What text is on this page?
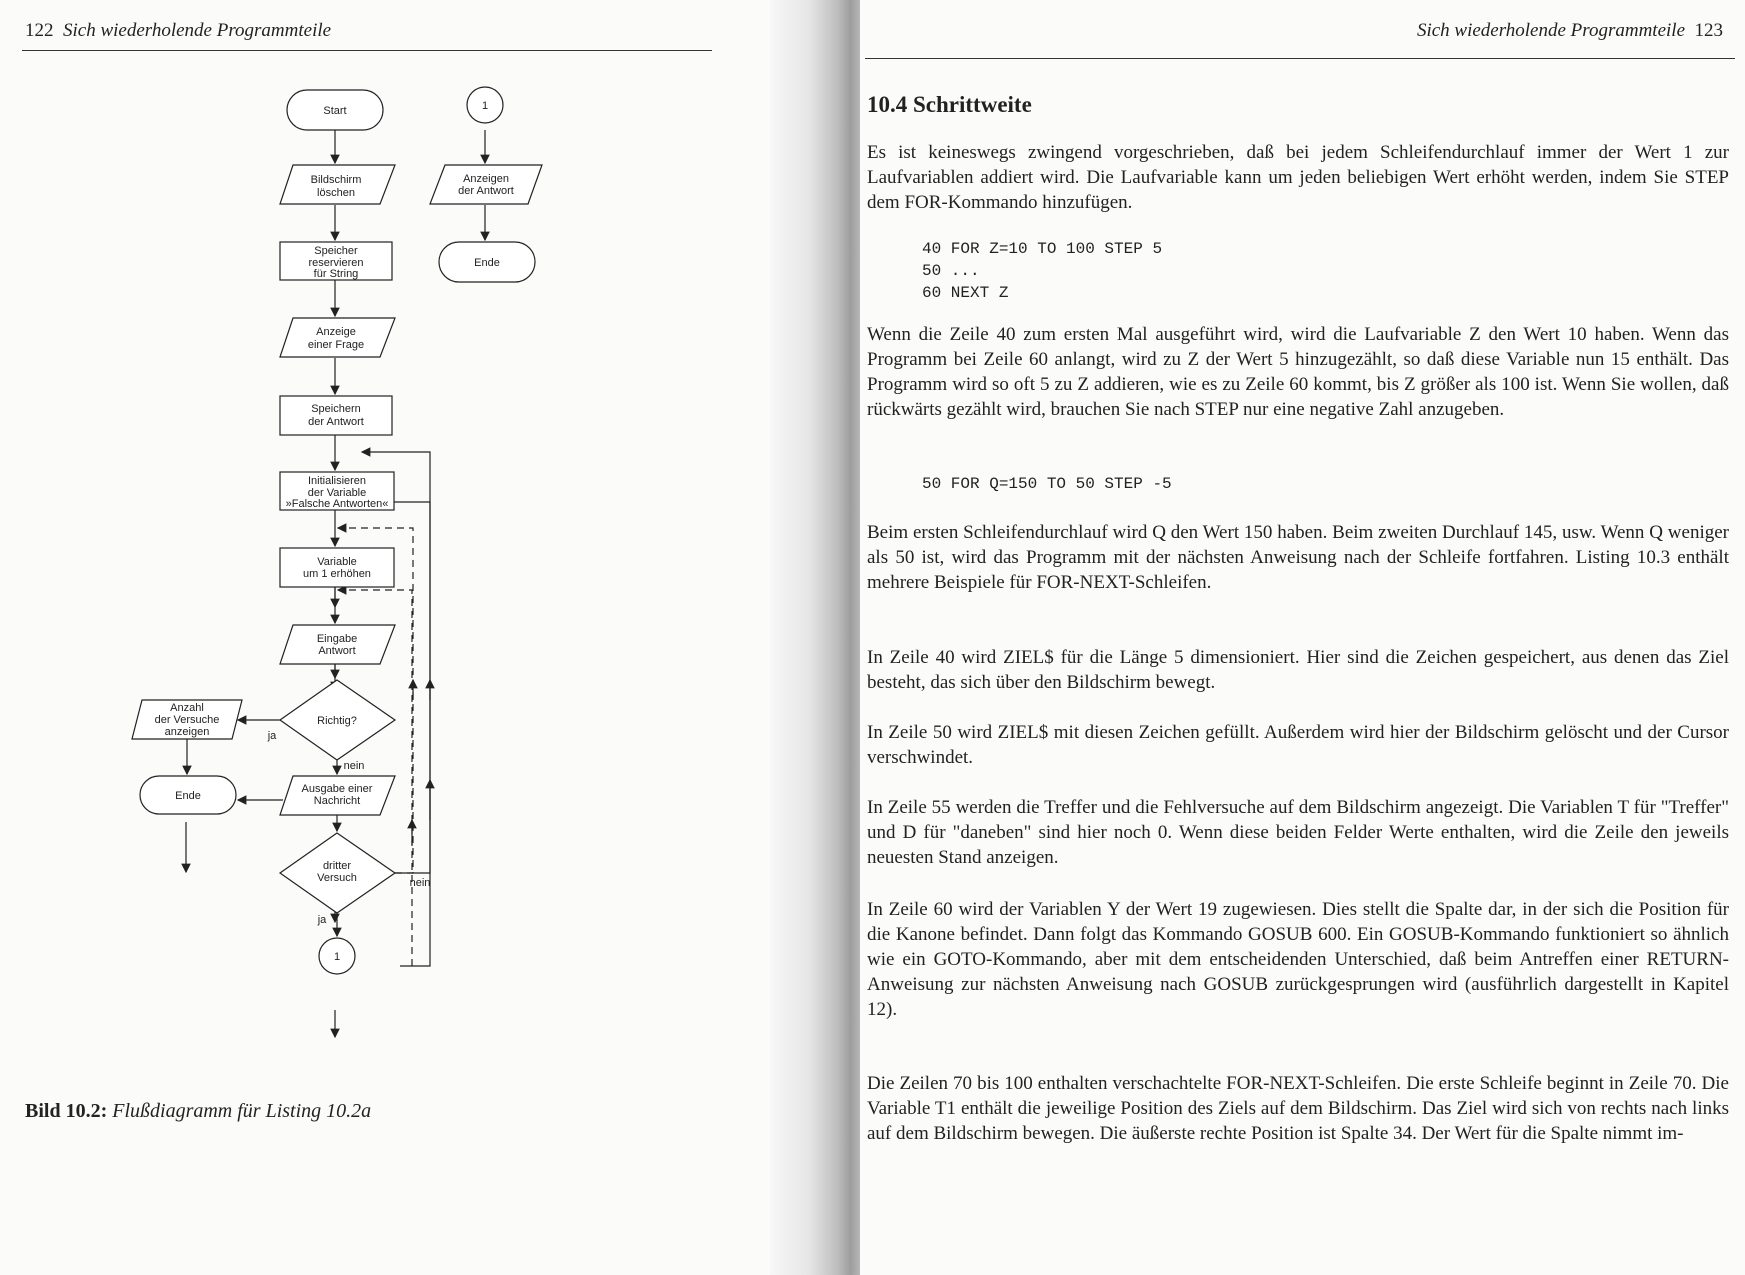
122 Sich wiederholende Programmteile
Start
Bildschirm
löschen
Speicher
reservieren
für String
Anzeige
einer Frage
Speichern
der Antwort
Initialisieren
der Variable
»Falsche Antworten«
Variable
um 1 erhöhen
Eingabe
Antwort
Richtig?
ja
nein
Anzahl
der Versuche
anzeigen
Ende
Ausgabe einer
Nachricht
dritter
Versuch	nein
ja
1
1
Anzeigen
der Antwort
Ende
Bild 10.2: Flußdiagramm für Listing 10.2a
Sich wiederholende Programmteile 123
10.4 Schrittweite

Es ist keineswegs zwingend vorgeschrieben, daß bei jedem Schleifendurchlauf immer der Wert 1 zur Laufvariablen addiert wird. Die Laufvariable kann um jeden beliebigen Wert erhöht werden, indem Sie STEP dem FOR-Kommando hinzufügen.

40 FOR Z=10 TO 100 STEP 5
50 ...
60 NEXT Z

Wenn die Zeile 40 zum ersten Mal ausgeführt wird, wird die Laufvariable Z den Wert 10 haben. Wenn das Programm bei Zeile 60 anlangt, wird zu Z der Wert 5 hinzugezählt, so daß diese Variable nun 15 enthält. Das Programm wird so oft 5 zu Z addieren, wie es zu Zeile 60 kommt, bis Z größer als 100 ist. Wenn Sie wollen, daß rückwärts gezählt wird, brauchen Sie nach STEP nur eine negative Zahl anzugeben.

50 FOR Q=150 TO 50 STEP -5

Beim ersten Schleifendurchlauf wird Q den Wert 150 haben. Beim zweiten Durchlauf 145, usw. Wenn Q weniger als 50 ist, wird das Programm mit der nächsten Anweisung nach der Schleife fortfahren. Listing 10.3 enthält mehrere Beispiele für FOR-NEXT-Schleifen.

In Zeile 40 wird ZIEL$ für die Länge 5 dimensioniert. Hier sind die Zeichen gespeichert, aus denen das Ziel besteht, das sich über den Bildschirm bewegt.

In Zeile 50 wird ZIEL$ mit diesen Zeichen gefüllt. Außerdem wird hier der Bildschirm gelöscht und der Cursor verschwindet.

In Zeile 55 werden die Treffer und die Fehlversuche auf dem Bildschirm angezeigt. Die Variablen T für "Treffer" und D für "daneben" sind hier noch 0. Wenn diese beiden Felder Werte enthalten, wird die Zeile den jeweils neuesten Stand anzeigen.

In Zeile 60 wird der Variablen Y der Wert 19 zugewiesen. Dies stellt die Spalte dar, in der sich die Position für die Kanone befindet. Dann folgt das Kommando GOSUB 600. Ein GOSUB-Kommando funktioniert so ähnlich wie ein GOTO-Kommando, aber mit dem entscheidenden Unterschied, daß beim Antreffen einer RETURN-Anweisung zur nächsten Anweisung nach GOSUB zurückgesprungen wird (ausführlich dargestellt in Kapitel 12).

Die Zeilen 70 bis 100 enthalten verschachtelte FOR-NEXT-Schleifen. Die erste Schleife beginnt in Zeile 70. Die Variable T1 enthält die jeweilige Position des Ziels auf dem Bildschirm. Das Ziel wird sich von rechts nach links auf dem Bildschirm bewegen. Die äußerste rechte Position ist Spalte 34. Der Wert für die Spalte nimmt im-
